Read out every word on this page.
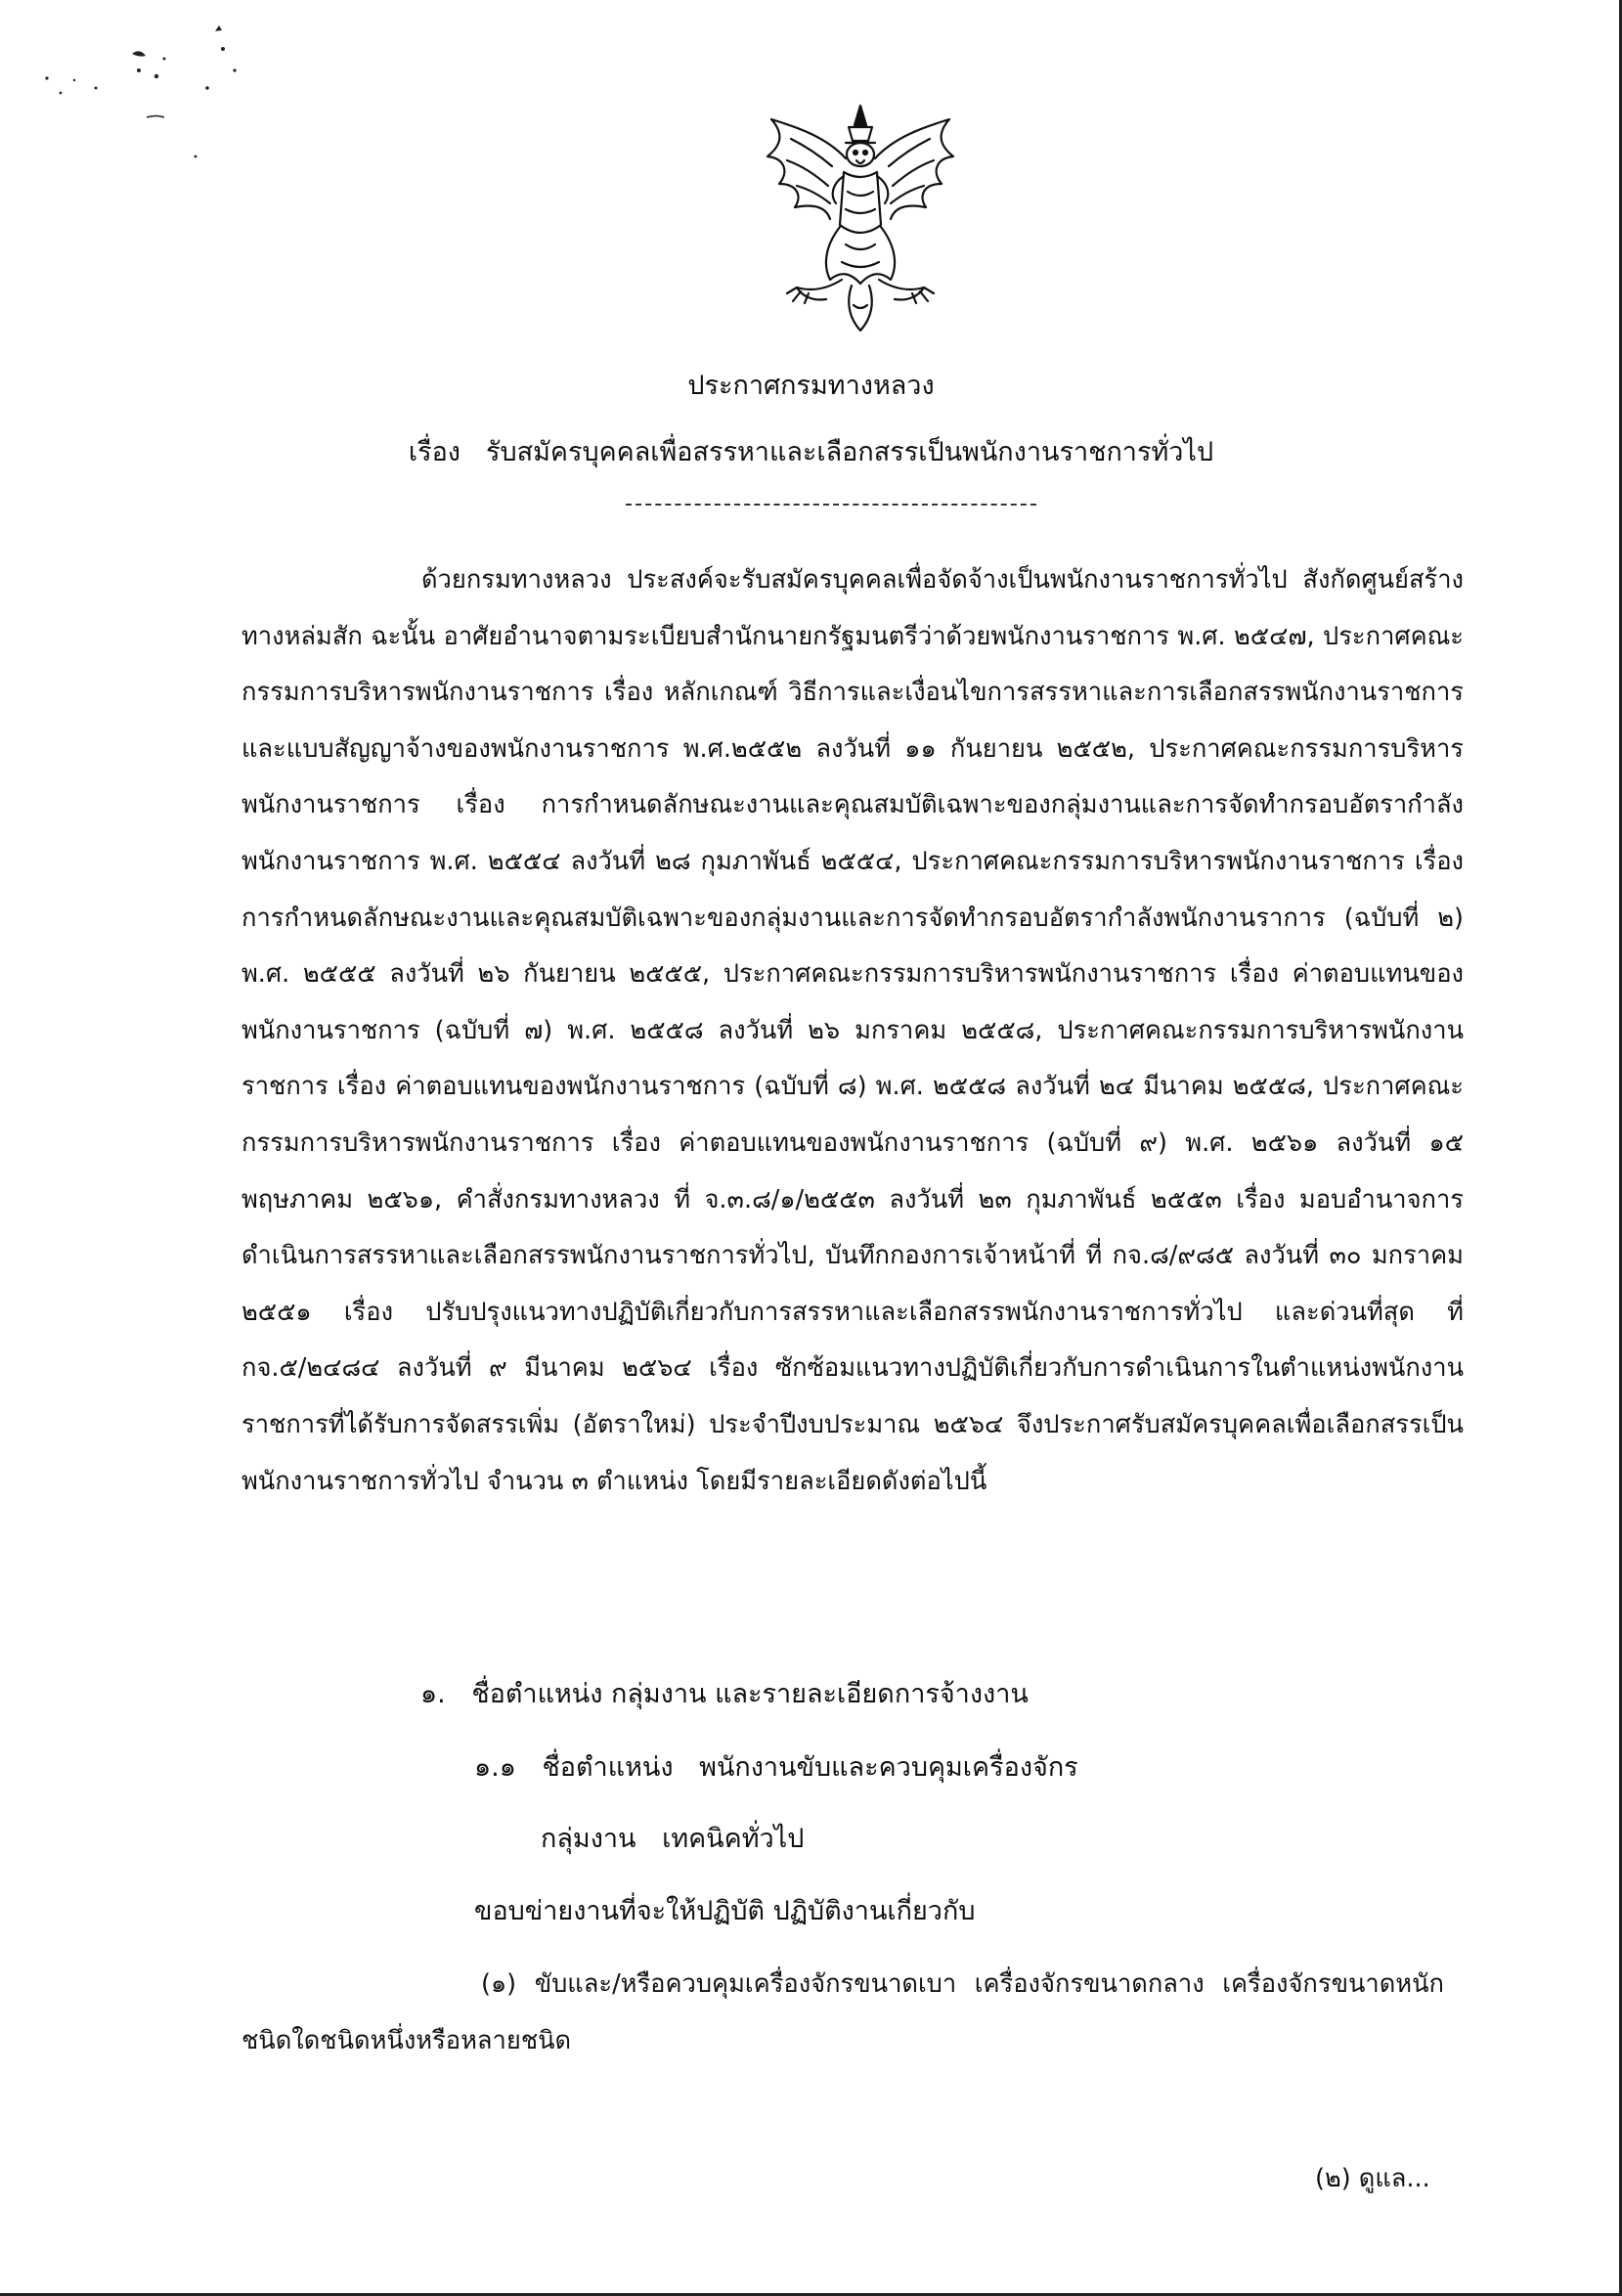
ประกาศกรมทางหลวง
เรื่อง รับสมัครบุคคลเพื่อสรรหาและเลือกสรรเป็นพนักงานราชการทั่วไป

ด้วยกรมทางหลวง ประสงค์จะรับสมัครบุคคลเพื่อจัดจ้างเป็นพนักงานราชการทั่วไป สังกัดศูนย์สร้างทางหล่มสัก ฉะนั้น อาศัยอำนาจตามระเบียบสำนักนายกรัฐมนตรีว่าด้วยพนักงานราชการ พ.ศ. ๒๕๔๗, ประกาศคณะกรรมการบริหารพนักงานราชการ เรื่อง หลักเกณฑ์ วิธีการและเงื่อนไขการสรรหาและการเลือกสรรพนักงานราชการ และแบบสัญญาจ้างของพนักงานราชการ พ.ศ.๒๕๕๒ ลงวันที่ ๑๑ กันยายน ๒๕๕๒, ประกาศคณะกรรมการบริหารพนักงานราชการ เรื่อง การกำหนดลักษณะงานและคุณสมบัติเฉพาะของกลุ่มงานและการจัดทำกรอบอัตรากำลังพนักงานราชการ พ.ศ. ๒๕๕๔ ลงวันที่ ๒๘ กุมภาพันธ์ ๒๕๕๔, ประกาศคณะกรรมการบริหารพนักงานราชการ เรื่อง การกำหนดลักษณะงานและคุณสมบัติเฉพาะของกลุ่มงานและการจัดทำกรอบอัตรากำลังพนักงานราการ (ฉบับที่ ๒) พ.ศ. ๒๕๕๕ ลงวันที่ ๒๖ กันยายน ๒๕๕๕, ประกาศคณะกรรมการบริหารพนักงานราชการ เรื่อง ค่าตอบแทนของพนักงานราชการ (ฉบับที่ ๗) พ.ศ. ๒๕๕๘ ลงวันที่ ๒๖ มกราคม ๒๕๕๘, ประกาศคณะกรรมการบริหารพนักงานราชการ เรื่อง ค่าตอบแทนของพนักงานราชการ (ฉบับที่ ๘) พ.ศ. ๒๕๕๘ ลงวันที่ ๒๔ มีนาคม ๒๕๕๘, ประกาศคณะกรรมการบริหารพนักงานราชการ เรื่อง ค่าตอบแทนของพนักงานราชการ (ฉบับที่ ๙) พ.ศ. ๒๕๖๑ ลงวันที่ ๑๕ พฤษภาคม ๒๕๖๑, คำสั่งกรมทางหลวง ที่ จ.๓.๘/๑/๒๕๕๓ ลงวันที่ ๒๓ กุมภาพันธ์ ๒๕๕๓ เรื่อง มอบอำนาจการดำเนินการสรรหาและเลือกสรรพนักงานราชการทั่วไป, บันทึกกองการเจ้าหน้าที่ ที่ กจ.๘/๙๘๕ ลงวันที่ ๓๐ มกราคม ๒๕๕๑ เรื่อง ปรับปรุงแนวทางปฏิบัติเกี่ยวกับการสรรหาและเลือกสรรพนักงานราชการทั่วไป และด่วนที่สุด ที่ กจ.๕/๒๔๘๔ ลงวันที่ ๙ มีนาคม ๒๕๖๔ เรื่อง ซักซ้อมแนวทางปฏิบัติเกี่ยวกับการดำเนินการในตำแหน่งพนักงานราชการที่ได้รับการจัดสรรเพิ่ม (อัตราใหม่) ประจำปีงบประมาณ ๒๕๖๔ จึงประกาศรับสมัครบุคคลเพื่อเลือกสรรเป็นพนักงานราชการทั่วไป จำนวน ๓ ตำแหน่ง โดยมีรายละเอียดดังต่อไปนี้

๑. ชื่อตำแหน่ง กลุ่มงาน และรายละเอียดการจ้างงาน
๑.๑ ชื่อตำแหน่ง พนักงานขับและควบคุมเครื่องจักร
กลุ่มงาน เทคนิคทั่วไป
ขอบข่ายงานที่จะให้ปฏิบัติ ปฏิบัติงานเกี่ยวกับ

(๑) ขับและ/หรือควบคุมเครื่องจักรขนาดเบา เครื่องจักรขนาดกลาง เครื่องจักรขนาดหนัก ชนิดใดชนิดหนึ่งหรือหลายชนิด

(๒) ดูแล...
